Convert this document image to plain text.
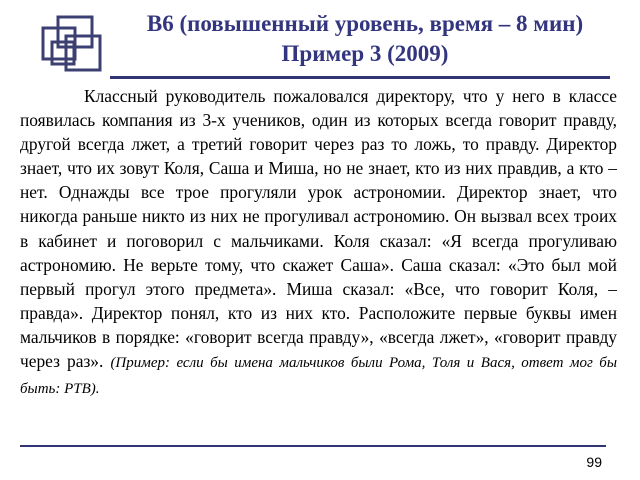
B6 (повышенный уровень, время – 8 мин)
Пример 3 (2009)

Классный руководитель пожаловался директору, что у него в классе появилась компания из 3-х учеников, один из которых всегда говорит правду, другой всегда лжет, а третий говорит через раз то ложь, то правду. Директор знает, что их зовут Коля, Саша и Миша, но не знает, кто из них правдив, а кто – нет. Однажды все трое прогуляли урок астрономии. Директор знает, что никогда раньше никто из них не прогуливал астрономию. Он вызвал всех троих в кабинет и поговорил с мальчиками. Коля сказал: «Я всегда прогуливаю астрономию. Не верьте тому, что скажет Саша». Саша сказал: «Это был мой первый прогул этого предмета». Миша сказал: «Все, что говорит Коля, – правда». Директор понял, кто из них кто. Расположите первые буквы имен мальчиков в порядке: «говорит всегда правду», «всегда лжет», «говорит правду через раз». (Пример: если бы имена мальчиков были Рома, Толя и Вася, ответ мог бы быть: РТВ).

99
